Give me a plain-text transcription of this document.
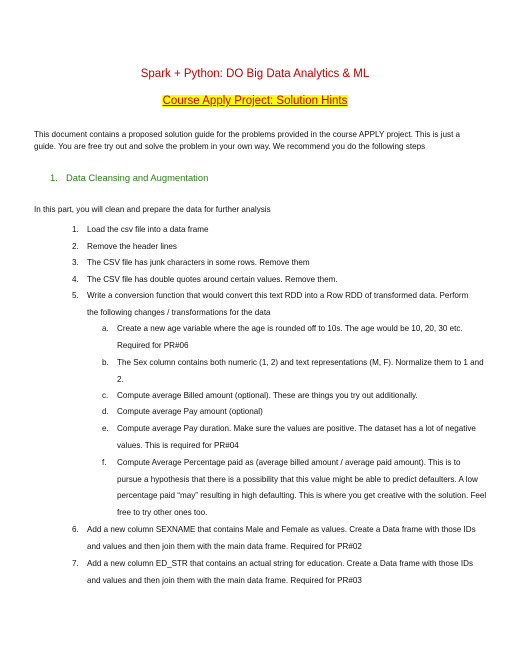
Spark + Python: DO Big Data Analytics & ML
Course Apply Project: Solution Hints
This document contains a proposed solution guide for the problems provided in the course APPLY project. This is just a guide. You are free try out and solve the problem in your own way. We recommend you do the following steps
1. Data Cleansing and Augmentation
In this part, you will clean and prepare the data for further analysis
1. Load the csv file into a data frame
2. Remove the header lines
3. The CSV file has junk characters in some rows. Remove them
4. The CSV file has double quotes around certain values. Remove them.
5. Write a conversion function that would convert this text RDD into a Row RDD of transformed data. Perform the following changes / transformations for the data
a. Create a new age variable where the age is rounded off to 10s. The age would be 10, 20, 30 etc. Required for PR#06
b. The Sex column contains both numeric (1, 2) and text representations (M, F). Normalize them to 1 and 2.
c. Compute average Billed amount (optional). These are things you try out additionally.
d. Compute average Pay amount (optional)
e. Compute average Pay duration. Make sure the values are positive. The dataset has a lot of negative values. This is required for PR#04
f. Compute Average Percentage paid as (average billed amount / average paid amount). This is to pursue a hypothesis that there is a possibility that this value might be able to predict defaulters. A low percentage paid “may” resulting in high defaulting. This is where you get creative with the solution. Feel free to try other ones too.
6. Add a new column SEXNAME that contains Male and Female as values. Create a Data frame with those IDs and values and then join them with the main data frame. Required for PR#02
7. Add a new column ED_STR that contains an actual string for education. Create a Data frame with those IDs and values and then join them with the main data frame. Required for PR#03
